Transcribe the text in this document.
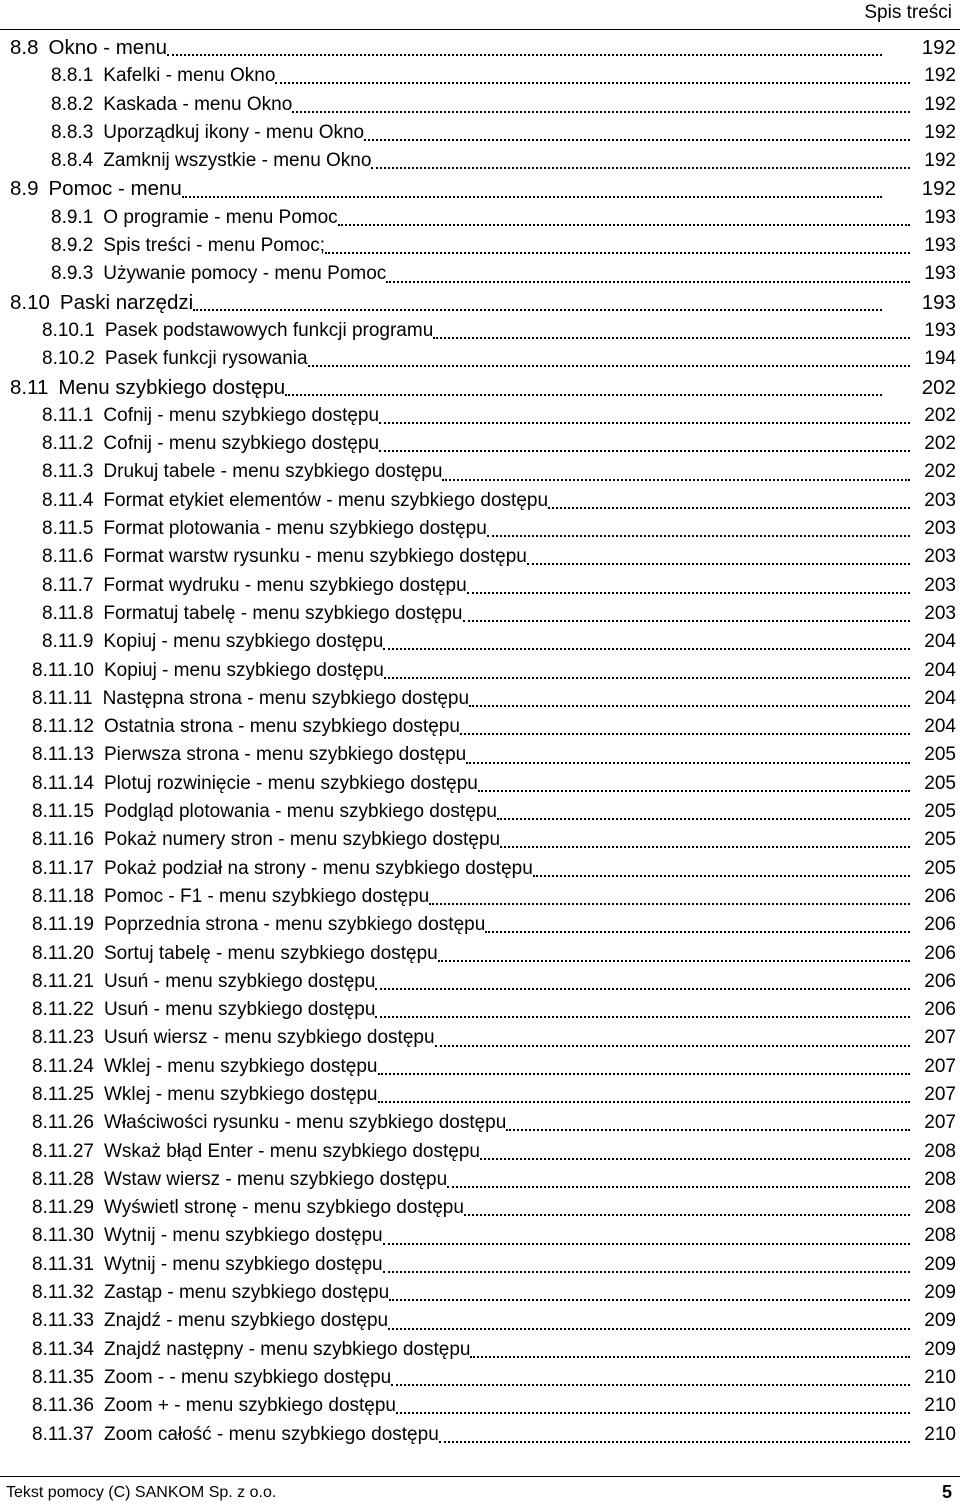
Spis treści
8.8 Okno - menu	192
8.8.1 Kafelki - menu Okno	192
8.8.2 Kaskada - menu Okno	192
8.8.3 Uporządkuj ikony - menu Okno	192
8.8.4 Zamknij wszystkie - menu Okno	192
8.9 Pomoc - menu	192
8.9.1 O programie - menu Pomoc	193
8.9.2 Spis treści - menu Pomoc;	193
8.9.3 Używanie pomocy - menu Pomoc	193
8.10 Paski narzędzi	193
8.10.1 Pasek podstawowych funkcji programu	193
8.10.2 Pasek funkcji rysowania	194
8.11 Menu szybkiego dostępu	202
8.11.1 Cofnij - menu szybkiego dostępu	202
8.11.2 Cofnij - menu szybkiego dostępu	202
8.11.3 Drukuj tabele - menu szybkiego dostępu	202
8.11.4 Format etykiet elementów - menu szybkiego dostępu	203
8.11.5 Format plotowania - menu szybkiego dostępu	203
8.11.6 Format warstw rysunku - menu szybkiego dostępu	203
8.11.7 Format wydruku - menu szybkiego dostępu	203
8.11.8 Formatuj tabelę - menu szybkiego dostępu	203
8.11.9 Kopiuj - menu szybkiego dostępu	204
8.11.10 Kopiuj - menu szybkiego dostępu	204
8.11.11 Następna strona - menu szybkiego dostępu	204
8.11.12 Ostatnia strona - menu szybkiego dostępu	204
8.11.13 Pierwsza strona - menu szybkiego dostępu	205
8.11.14 Plotuj rozwinięcie - menu szybkiego dostępu	205
8.11.15 Podgląd plotowania - menu szybkiego dostępu	205
8.11.16 Pokaż numery stron - menu szybkiego dostępu	205
8.11.17 Pokaż podział na strony - menu szybkiego dostępu	205
8.11.18 Pomoc - F1 - menu szybkiego dostępu	206
8.11.19 Poprzednia strona - menu szybkiego dostępu	206
8.11.20 Sortuj tabelę - menu szybkiego dostępu	206
8.11.21 Usuń - menu szybkiego dostępu	206
8.11.22 Usuń - menu szybkiego dostępu	206
8.11.23 Usuń wiersz - menu szybkiego dostępu	207
8.11.24 Wklej - menu szybkiego dostępu	207
8.11.25 Wklej - menu szybkiego dostępu	207
8.11.26 Właściwości rysunku - menu szybkiego dostępu	207
8.11.27 Wskaż błąd Enter - menu szybkiego dostępu	208
8.11.28 Wstaw wiersz - menu szybkiego dostępu	208
8.11.29 Wyświetl stronę - menu szybkiego dostępu	208
8.11.30 Wytnij - menu szybkiego dostępu	208
8.11.31 Wytnij - menu szybkiego dostępu	209
8.11.32 Zastąp - menu szybkiego dostępu	209
8.11.33 Znajdź - menu szybkiego dostępu	209
8.11.34 Znajdź następny - menu szybkiego dostępu	209
8.11.35 Zoom - - menu szybkiego dostępu	210
8.11.36 Zoom + - menu szybkiego dostępu	210
8.11.37 Zoom całość - menu szybkiego dostępu	210
Tekst pomocy (C) SANKOM Sp. z o.o.	5
